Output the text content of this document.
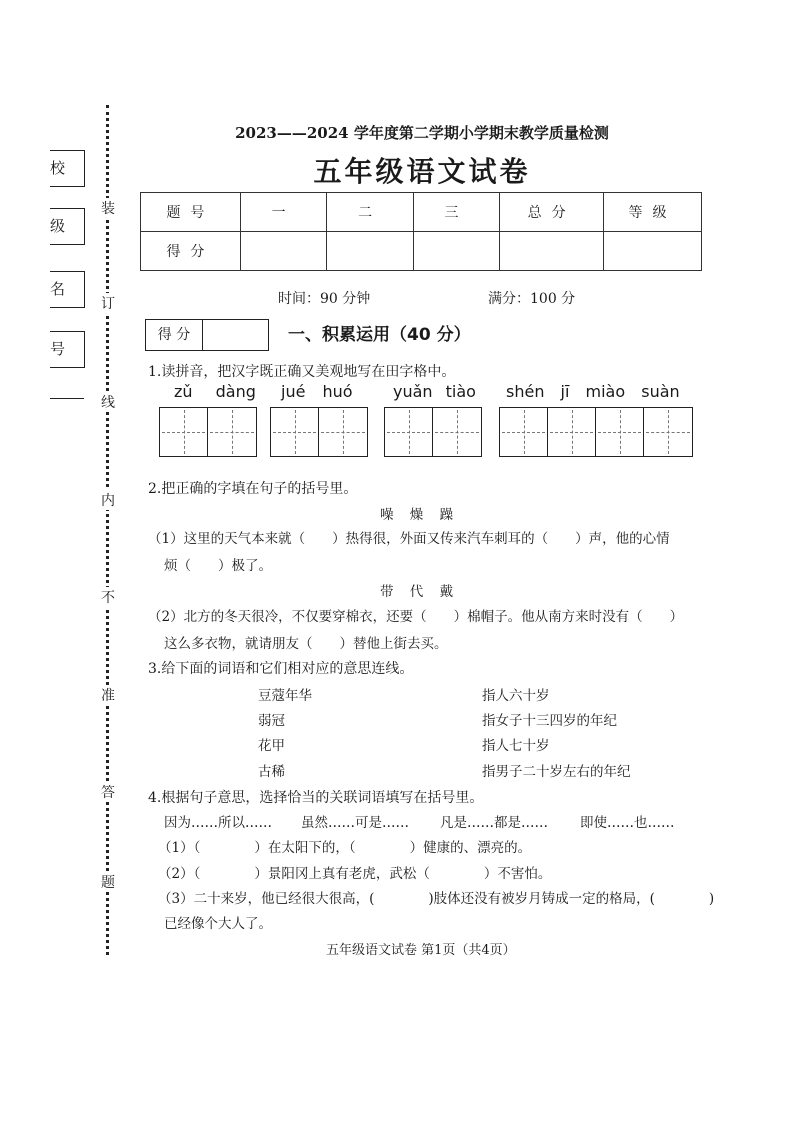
校
级
名
号
装
订
线
内
不
准
答
题
2023——2024 学年度第二学期小学期末教学质量检测
五年级语文试卷
题号	一	二	三	总分	等级
得分					
时间：90 分钟	满分：100 分
得 分	一、积累运用（40 分）
1.读拼音，把汉字既正确又美观地写在田字格中。
zǔ dàng jué huó	yuǎn tiào shén jī miào suàn
2.把正确的字填在句子的括号里。
噪 燥 躁
（1）这里的天气本来就（　　）热得很，外面又传来汽车刺耳的（　　）声，他的心情
烦（　　）极了。
带 代 戴
（2）北方的冬天很冷，不仅要穿棉衣，还要（　　）棉帽子。他从南方来时没有（　　）
这么多衣物，就请朋友（　　）替他上街去买。
3.给下面的词语和它们相对应的意思连线。
豆蔻年华
弱冠
花甲
古稀
指人六十岁
指女子十三四岁的年纪
指人七十岁
指男子二十岁左右的年纪
4.根据句子意思，选择恰当的关联词语填写在括号里。
因为……所以…… 虽然……可是…… 凡是……都是…… 即使……也……
（1）（　　　　）在太阳下的，（　　　　）健康的、漂亮的。
（2）（　　　　）景阳冈上真有老虎，武松（　　　　）不害怕。
（3）二十来岁，他已经很大很高，(　　　　)肢体还没有被岁月铸成一定的格局，(　　　　)
已经像个大人了。
五年级语文试卷 第1页（共4页）
